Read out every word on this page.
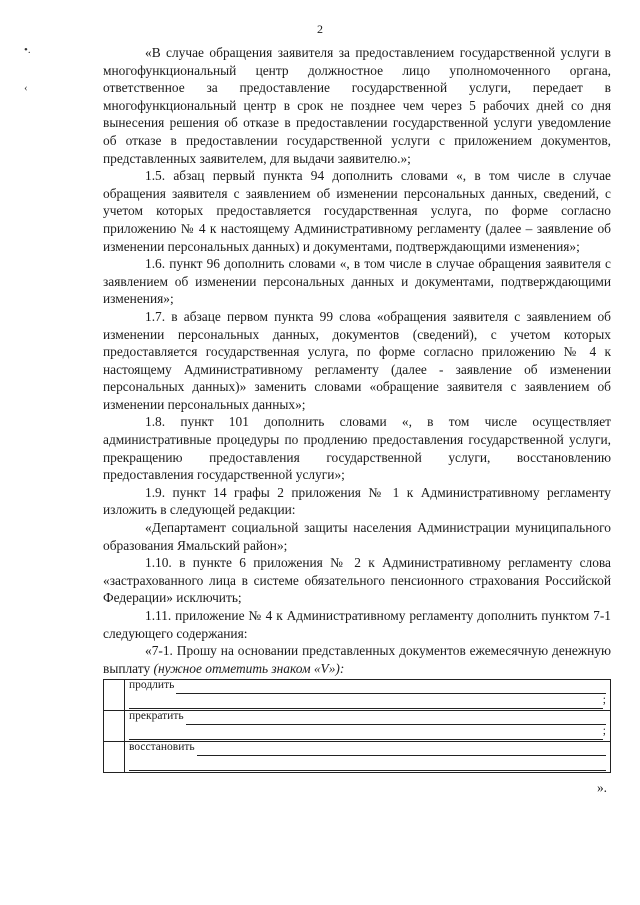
2
•.
‹

«В случае обращения заявителя за предоставлением государственной услуги в многофункциональный центр должностное лицо уполномоченного органа, ответственное за предоставление государственной услуги, передает в многофункциональный центр в срок не позднее чем через 5 рабочих дней со дня вынесения решения об отказе в предоставлении государственной услуги уведомление об отказе в предоставлении государственной услуги с приложением документов, представленных заявителем, для выдачи заявителю.»;

1.5. абзац первый пункта 94 дополнить словами «, в том числе в случае обращения заявителя с заявлением об изменении персональных данных, сведений, с учетом которых предоставляется государственная услуга, по форме согласно приложению № 4 к настоящему Административному регламенту (далее – заявление об изменении персональных данных) и документами, подтверждающими изменения»;

1.6. пункт 96 дополнить словами «, в том числе в случае обращения заявителя с заявлением об изменении персональных данных и документами, подтверждающими изменения»;

1.7. в абзаце первом пункта 99 слова «обращения заявителя с заявлением об изменении персональных данных, документов (сведений), с учетом которых предоставляется государственная услуга, по форме согласно приложению № 4 к настоящему Административному регламенту (далее - заявление об изменении персональных данных)» заменить словами «обращение заявителя с заявлением об изменении персональных данных»;

1.8. пункт 101 дополнить словами «, в том числе осуществляет административные процедуры по продлению предоставления государственной услуги, прекращению предоставления государственной услуги, восстановлению предоставления государственной услуги»;

1.9. пункт 14 графы 2 приложения № 1 к Административному регламенту изложить в следующей редакции:

«Департамент социальной защиты населения Администрации муниципального образования Ямальский район»;

1.10. в пункте 6 приложения № 2 к Административному регламенту слова «застрахованного лица в системе обязательного пенсионного страхования Российской Федерации» исключить;

1.11. приложение № 4 к Административному регламенту дополнить пунктом 7-1 следующего содержания:

«7-1. Прошу на основании представленных документов ежемесячную денежную выплату (нужное отметить знаком «V»):

	продлить
;

	прекратить
;

	восстановить
».
